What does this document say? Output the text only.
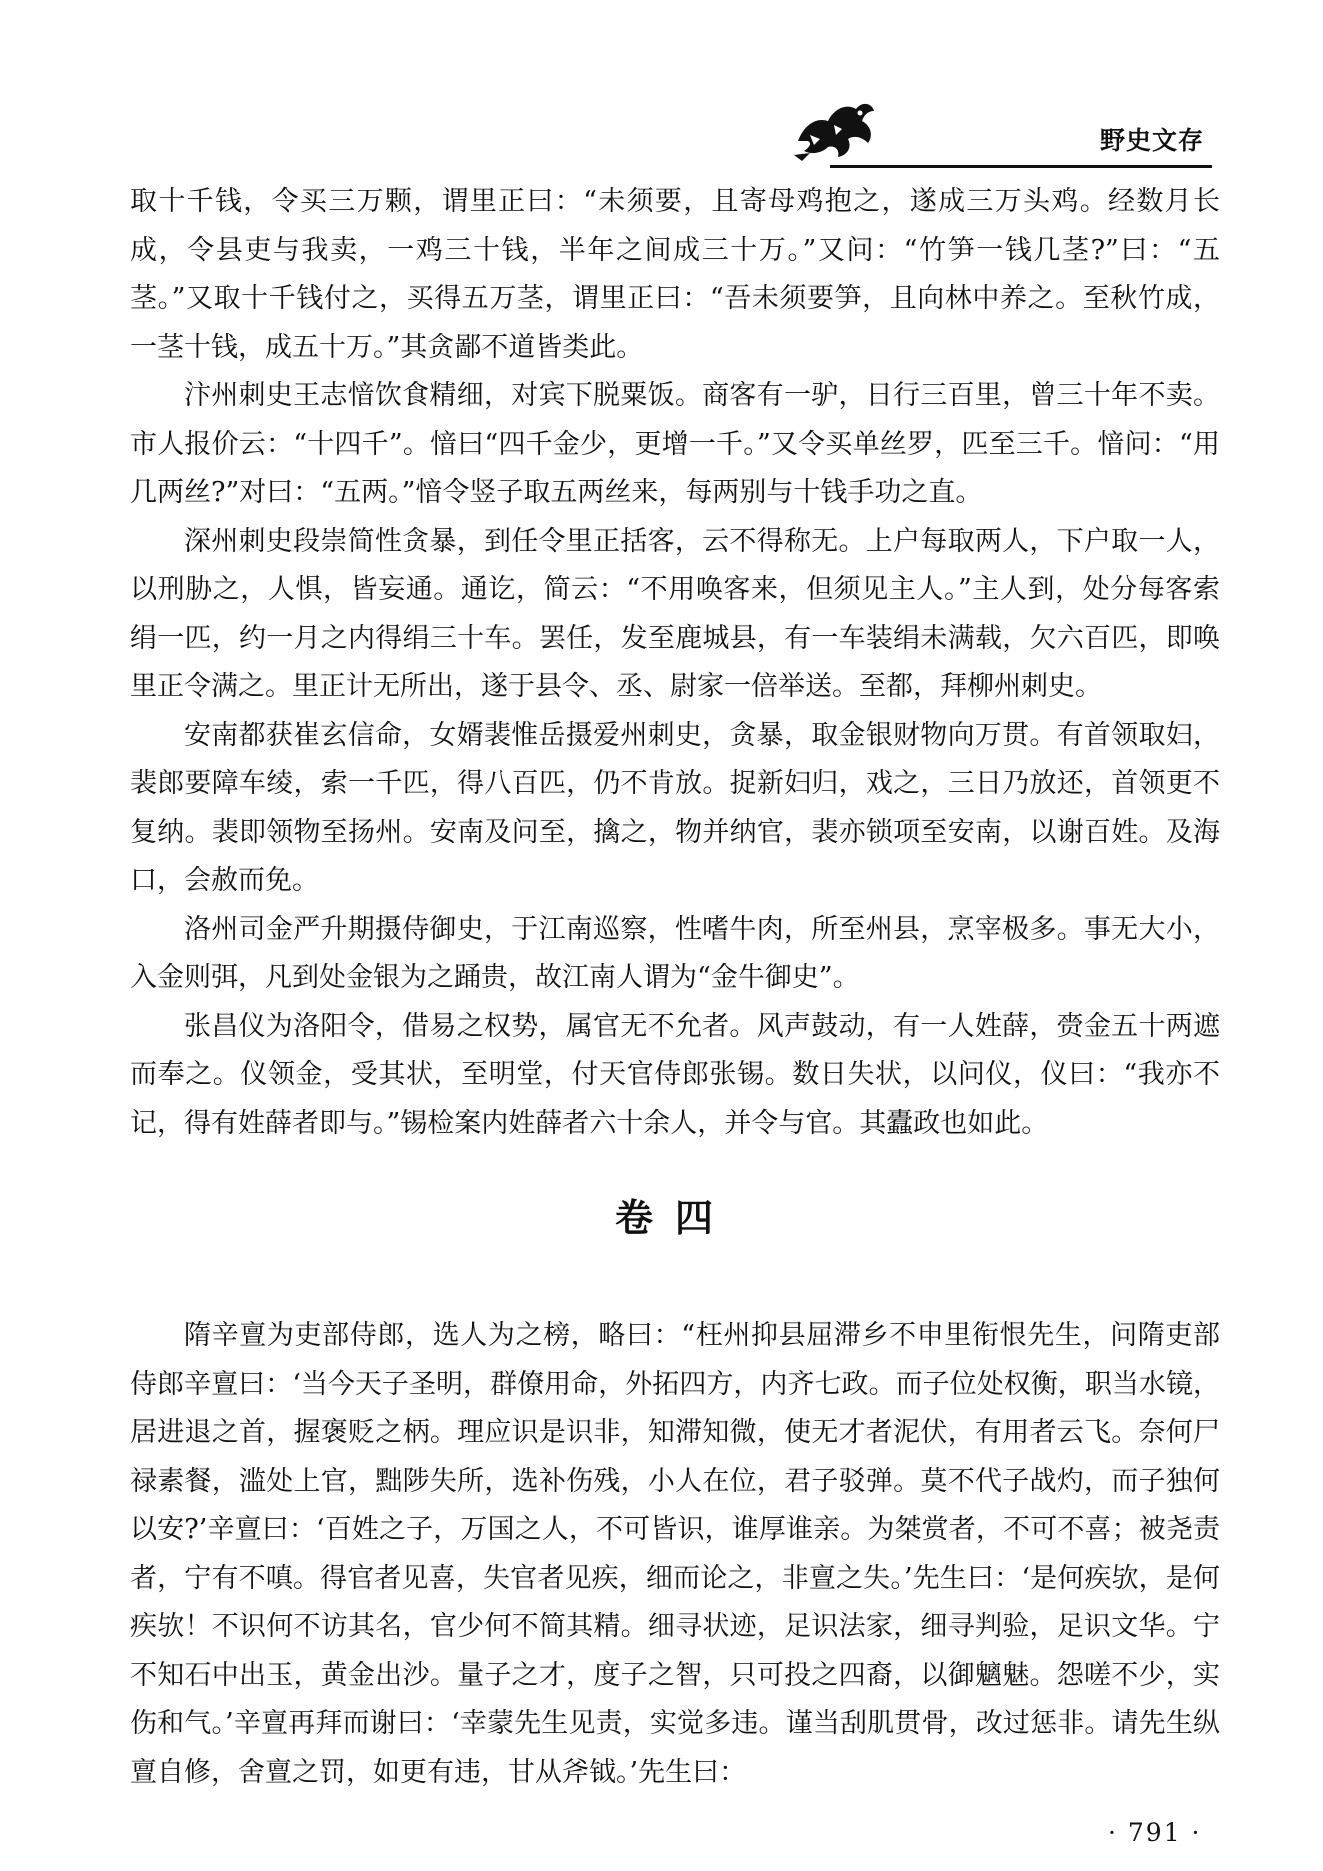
野史文存

取十千钱，令买三万颗，谓里正曰：“未须要，且寄母鸡抱之，遂成三万头鸡。经数月长成，令县吏与我卖，一鸡三十钱，半年之间成三十万。”又问：“竹笋一钱几茎?”曰：“五茎。”又取十千钱付之，买得五万茎，谓里正曰：“吾未须要笋，且向林中养之。至秋竹成，一茎十钱，成五十万。”其贪鄙不道皆类此。

汴州刺史王志愔饮食精细，对宾下脱粟饭。商客有一驴，日行三百里，曾三十年不卖。市人报价云：“十四千”。愔曰“四千金少，更增一千。”又令买单丝罗，匹至三千。愔问：“用几两丝?”对曰：“五两。”愔令竖子取五两丝来，每两别与十钱手功之直。

深州刺史段崇简性贪暴，到任令里正括客，云不得称无。上户每取两人，下户取一人，以刑胁之，人惧，皆妄通。通讫，简云：“不用唤客来，但须见主人。”主人到，处分每客索绢一匹，约一月之内得绢三十车。罢任，发至鹿城县，有一车装绢未满载，欠六百匹，即唤里正令满之。里正计无所出，遂于县令、丞、尉家一倍举送。至都，拜柳州刺史。

安南都获崔玄信命，女婿裴惟岳摄爱州刺史，贪暴，取金银财物向万贯。有首领取妇，裴郎要障车绫，索一千匹，得八百匹，仍不肯放。捉新妇归，戏之，三日乃放还，首领更不复纳。裴即领物至扬州。安南及问至，擒之，物并纳官，裴亦锁项至安南，以谢百姓。及海口，会赦而免。

洛州司金严升期摄侍御史，于江南巡察，性嗜牛肉，所至州县，烹宰极多。事无大小，入金则弭，凡到处金银为之踊贵，故江南人谓为“金牛御史”。

张昌仪为洛阳令，借易之权势，属官无不允者。风声鼓动，有一人姓薛，赍金五十两遮而奉之。仪领金，受其状，至明堂，付天官侍郎张锡。数日失状，以问仪，仪曰：“我亦不记，得有姓薛者即与。”锡检案内姓薛者六十余人，并令与官。其蠹政也如此。

卷四

隋辛亶为吏部侍郎，选人为之榜，略曰：“枉州抑县屈滞乡不申里衔恨先生，问隋吏部侍郎辛亶曰：‘当今天子圣明，群僚用命，外拓四方，内齐七政。而子位处权衡，职当水镜，居进退之首，握褒贬之柄。理应识是识非，知滞知微，使无才者泥伏，有用者云飞。奈何尸禄素餐，滥处上官，黜陟失所，选补伤残，小人在位，君子驳弹。莫不代子战灼，而子独何以安?’辛亶曰：‘百姓之子，万国之人，不可皆识，谁厚谁亲。为桀赏者，不可不喜；被尧责者，宁有不嗔。得官者见喜，失官者见疾，细而论之，非亶之失。’先生曰：‘是何疾欤，是何疾欤！不识何不访其名，官少何不简其精。细寻状迹，足识法家，细寻判验，足识文华。宁不知石中出玉，黄金出沙。量子之才，度子之智，只可投之四裔，以御魑魅。怨嗟不少，实伤和气。’辛亶再拜而谢曰：‘幸蒙先生见责，实觉多违。谨当刮肌贯骨，改过惩非。请先生纵亶自修，舍亶之罚，如更有违，甘从斧钺。’先生曰：

· 791 ·
